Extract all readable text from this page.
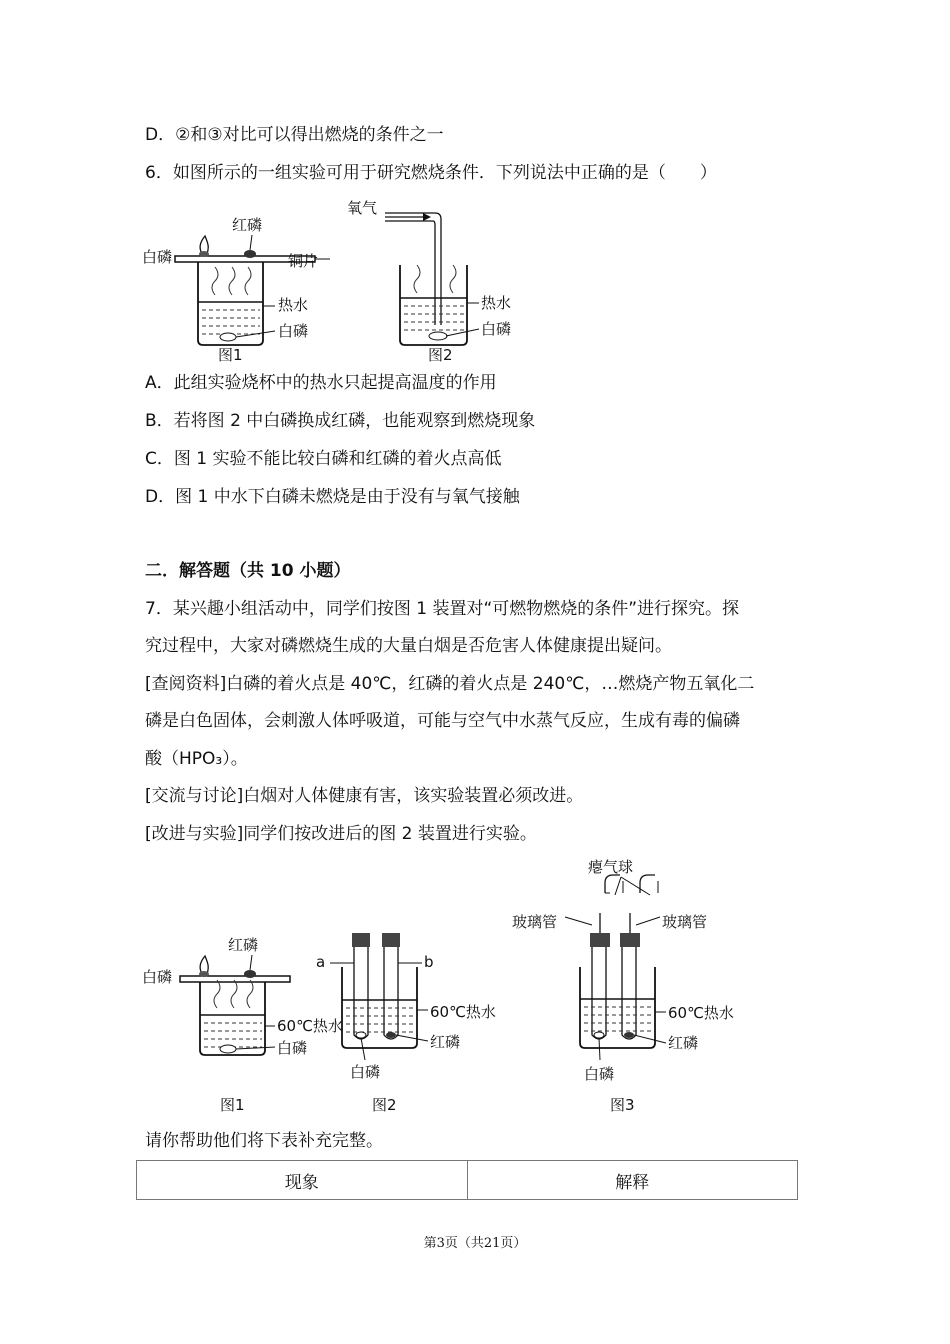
D．②和③对比可以得出燃烧的条件之一
6．如图所示的一组实验可用于研究燃烧条件．下列说法中正确的是（　　）
红磷
白磷	铜片
热水
白磷
图1
氧气
热水
白磷
图2
A．此组实验烧杯中的热水只起提高温度的作用
B．若将图 2 中白磷换成红磷，也能观察到燃烧现象
C．图 1 实验不能比较白磷和红磷的着火点高低
D．图 1 中水下白磷未燃烧是由于没有与氧气接触
二．解答题（共 10 小题）
7．某兴趣小组活动中，同学们按图 1 装置对“可燃物燃烧的条件”进行探究。探
究过程中，大家对磷燃烧生成的大量白烟是否危害人体健康提出疑问。
[查阅资料]白磷的着火点是 40℃，红磷的着火点是 240℃，…燃烧产物五氧化二
磷是白色固体，会刺激人体呼吸道，可能与空气中水蒸气反应，生成有毒的偏磷
酸（HPO₃）。
[交流与讨论]白烟对人体健康有害，该实验装置必须改进。
[改进与实验]同学们按改进后的图 2 装置进行实验。
红磷
白磷
60℃热水
白磷
图1
a	b
60℃热水
红磷
白磷
图2
瘪气球
玻璃管	玻璃管
60℃热水
红磷
白磷
图3
请你帮助他们将下表补充完整。
现象	解释
第3页（共21页）
